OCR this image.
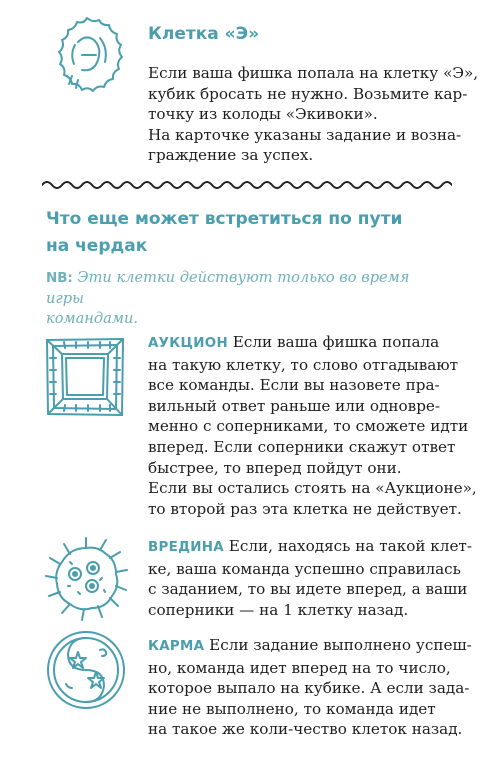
Клетка «Э»
Если ваша фишка попала на клетку «Э»,
кубик бросать не нужно. Возьмите кар-
точку из колоды «Экивоки».
На карточке указаны задание и возна-
граждение за успех.
Что еще может встретиться по пути
на чердак
NB: Эти клетки действуют только во время игры
командами.
АУКЦИОН Если ваша фишка попала
на такую клетку, то слово отгадывают
все команды. Если вы назовете пра-
вильный ответ раньше или одновре-
менно с соперниками, то сможете идти
вперед. Если соперники скажут ответ
быстрее, то вперед пойдут они.
Если вы остались стоять на «Аукционе»,
то второй раз эта клетка не действует.
ВРЕДИНА Если, находясь на такой клет-
ке, ваша команда успешно справилась
с заданием, то вы идете вперед, а ваши
соперники — на 1 клетку назад.
КАРМА Если задание выполнено успеш-
но, команда идет вперед на то число,
которое выпало на кубике. А если зада-
ние не выполнено, то команда идет
на такое же коли-чество клеток назад.
